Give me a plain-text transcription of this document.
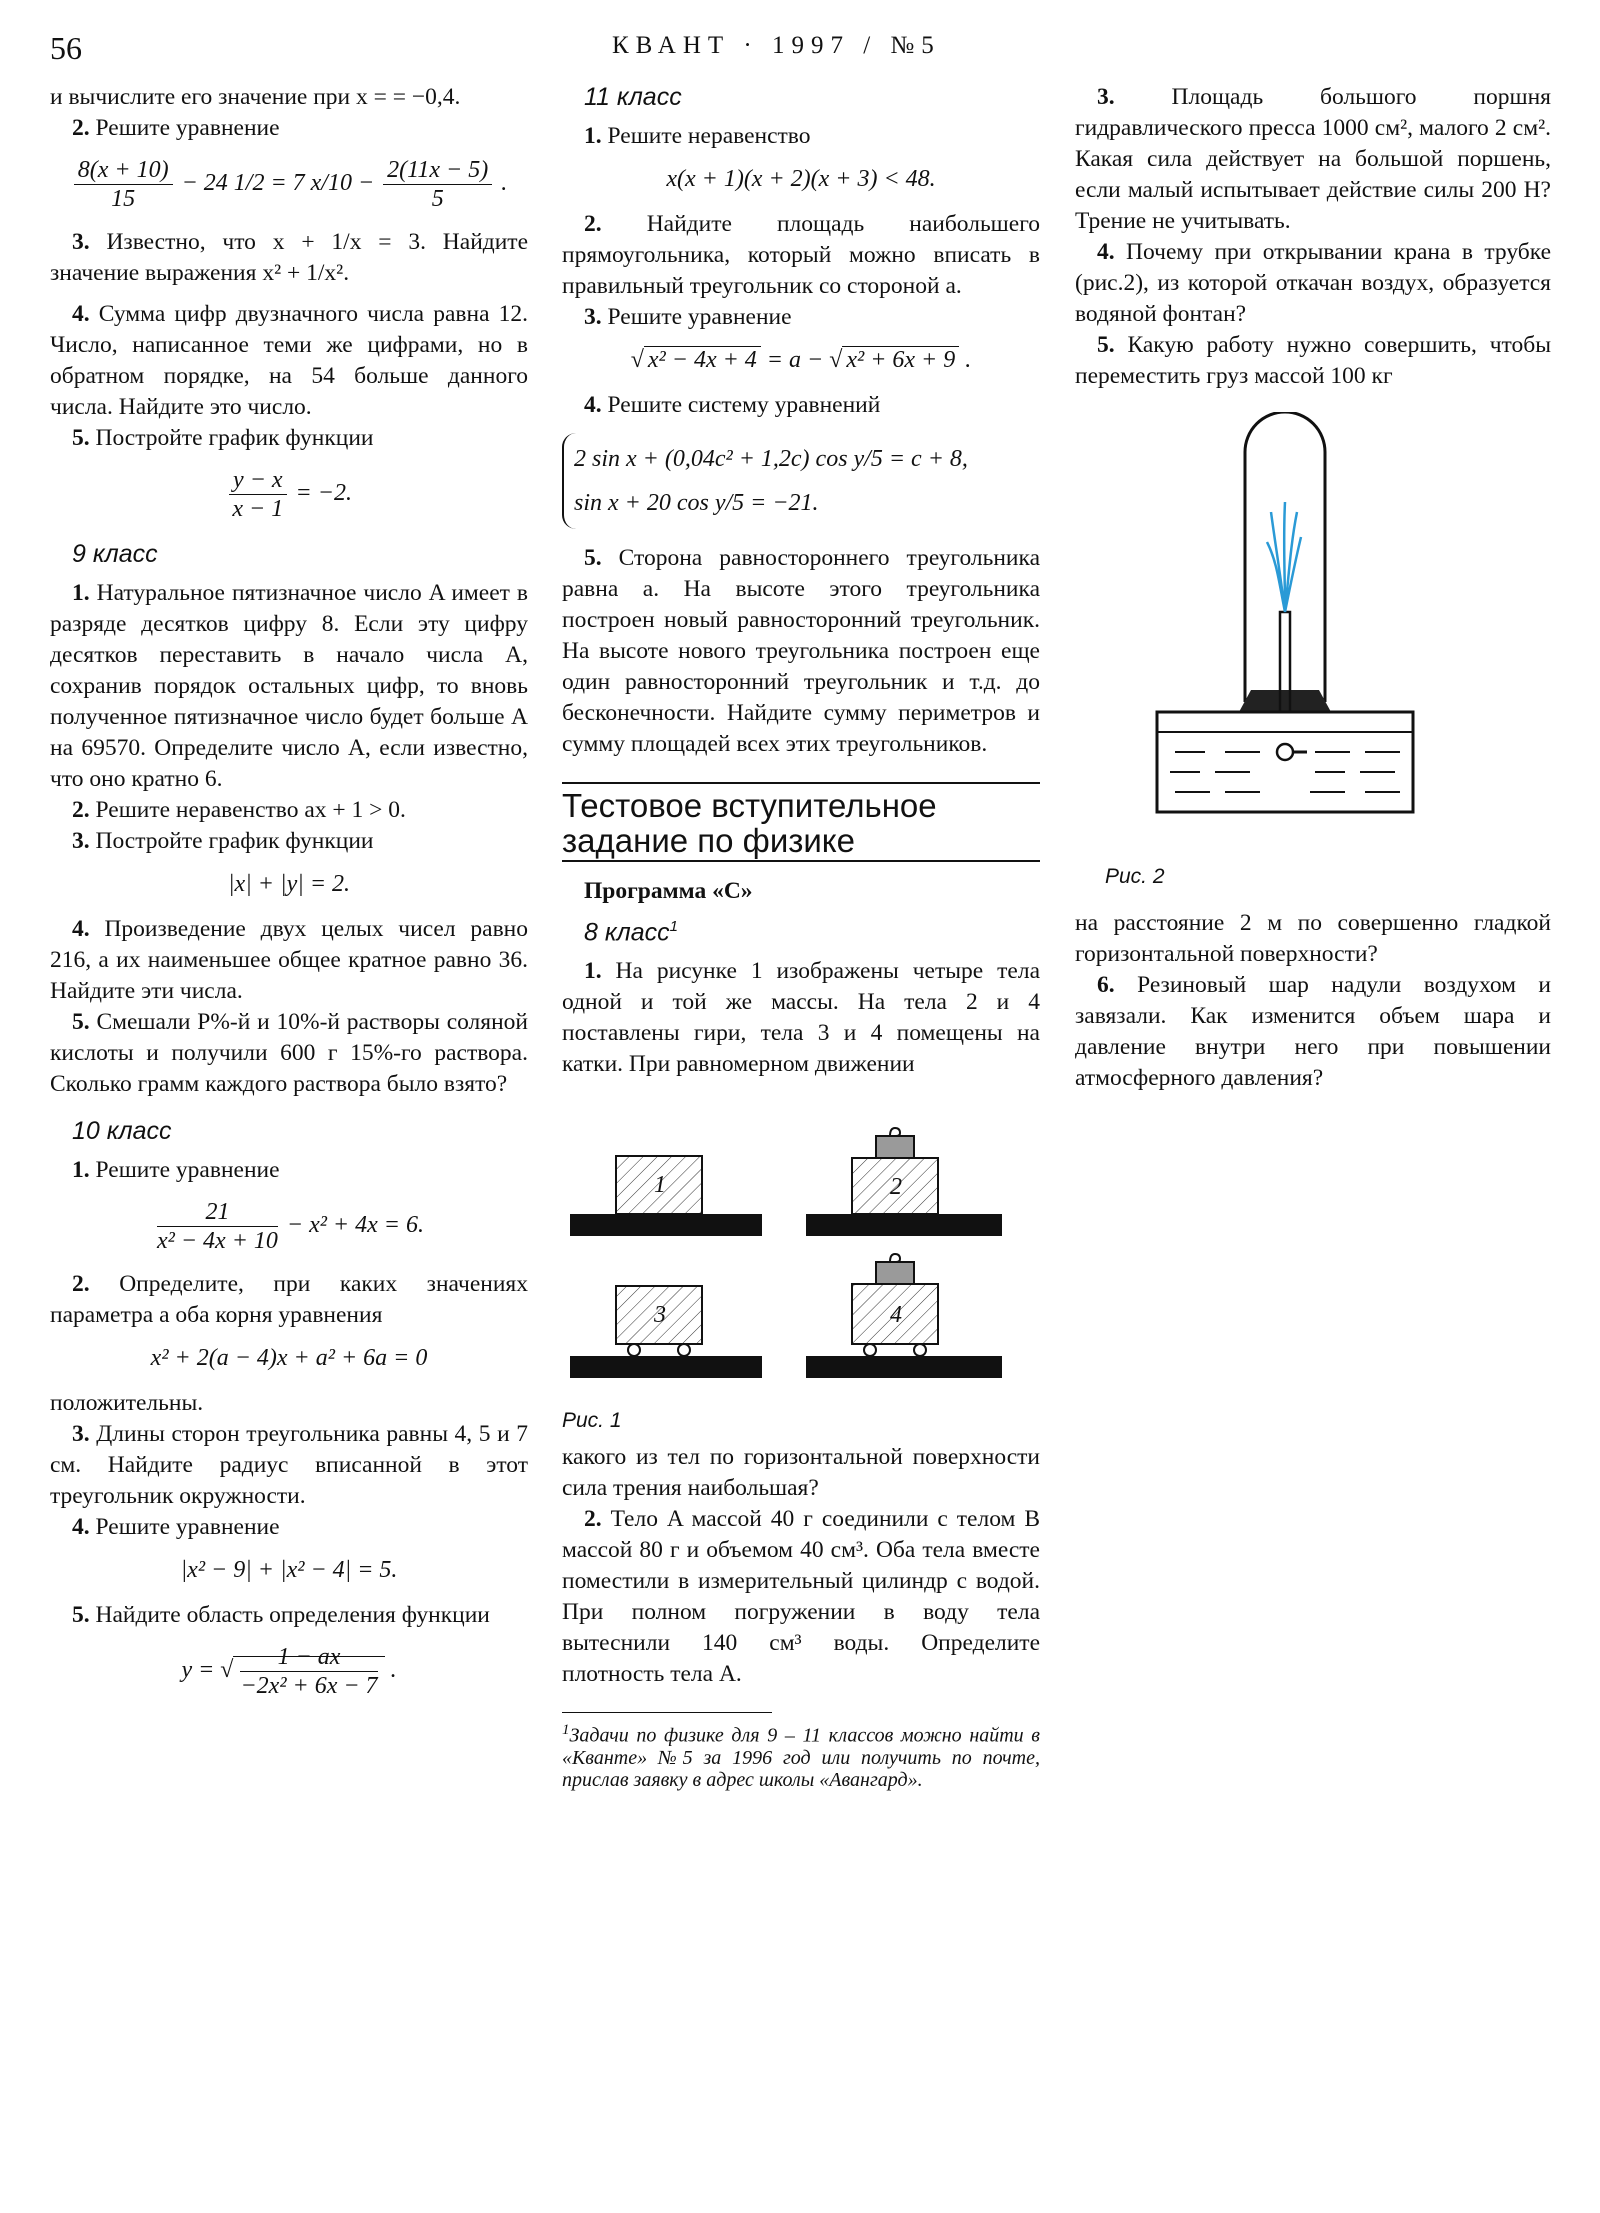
56	КВАНТ · 1997 / №5

и вычислите его значение при x = = −0,4.

2. Решите уравнение

$\frac{8(x + 10)}{15} - 24$ 1/2 = 7 $x/10 - \frac{2(11x - 5)}{5}$ .

3. Известно, что x + 1/x = 3. Найдите значение выражения x² + 1/x².

4. Сумма цифр двузначного числа равна 12. Число, написанное теми же цифрами, но в обратном порядке, на 54 больше данного числа. Найдите это число.

5. Постройте график функции

$\frac{y - x}{x - 1} = -2$.
9 класс

1. Натуральное пятизначное число A имеет в разряде десятков цифру 8. Если эту цифру десятков переставить в начало числа A, сохранив порядок остальных цифр, то вновь полученное пятизначное число будет больше A на 69570. Определите число A, если известно, что оно кратно 6.

2. Решите неравенство ax + 1 > 0.

3. Постройте график функции

|x| + |y| = 2.

4. Произведение двух целых чисел равно 216, а их наименьшее общее кратное равно 36. Найдите эти числа.

5. Смешали P%-й и 10%-й растворы соляной кислоты и получили 600 г 15%-го раствора. Сколько грамм каждого раствора было взято?

10 класс

1. Решите уравнение

$\frac{21}{\text{x² − 4x + 10}} - x^2 + 4x = 6$.

2. Определите, при каких значениях параметра a оба корня уравнения

x² + 2(a − 4)x + a² + 6a = 0

положительны.

3. Длины сторон треугольника равны 4, 5 и 7 см. Найдите радиус вписанной в этот треугольник окружности.

4. Решите уравнение

|x² − 9| + |x² − 4| = 5.

5. Найдите область определения функции

y = √ $\frac{1 - ax}{\text{−2x² + 6x − 7}}$ .
11 класс

1. Решите неравенство

x(x + 1)(x + 2)(x + 3) < 48.

2. Найдите площадь наибольшего прямоугольника, который можно вписать в правильный треугольник со стороной a.

3. Решите уравнение

√ x² − 4x + 4 = a − √ x² + 6x + 9 .

4. Решите систему уравнений

2 sin x + (0,04c² + 1,2c) cos y/5 = c + 8,
sin x + 20 cos y/5 = −21.

5. Сторона равностороннего треугольника равна a. На высоте этого треугольника построен новый равносторонний треугольник. На высоте нового треугольника построен еще один равносторонний треугольник и т.д. до бесконечности. Найдите сумму периметров и сумму площадей всех этих треугольников.

Тестовое вступительное задание по физике
Программа «C»
8 класс$^1$

1. На рисунке 1 изображены четыре тела одной и той же массы. На тела 2 и 4 поставлены гири, тела 3 и 4 помещены на катки. При равномерном движении

1	2
3	4
Рис. 1

какого из тел по горизонтальной поверхности сила трения наибольшая?

2. Тело A массой 40 г соединили с телом B массой 80 г и объемом 40 см³. Оба тела вместе поместили в измерительный цилиндр с водой. При полном погружении в воду тела вытеснили 140 см³ воды. Определите плотность тела A.

$^1$Задачи по физике для 9 – 11 классов можно найти в «Кванте» №5 за 1996 год или получить по почте, прислав заявку в адрес школы «Авангард».

3. Площадь большого поршня гидравлического пресса 1000 см², малого 2 см². Какая сила действует на большой поршень, если малый испытывает действие силы 200 Н? Трение не учитывать.

4. Почему при открывании крана в трубке (рис.2), из которой откачан воздух, образуется водяной фонтан?

5. Какую работу нужно совершить, чтобы переместить груз массой 100 кг

Рис. 2

на расстояние 2 м по совершенно гладкой горизонтальной поверхности?

6. Резиновый шар надули воздухом и завязали. Как изменится объем шара и давление внутри него при повышении атмосферного давления?
